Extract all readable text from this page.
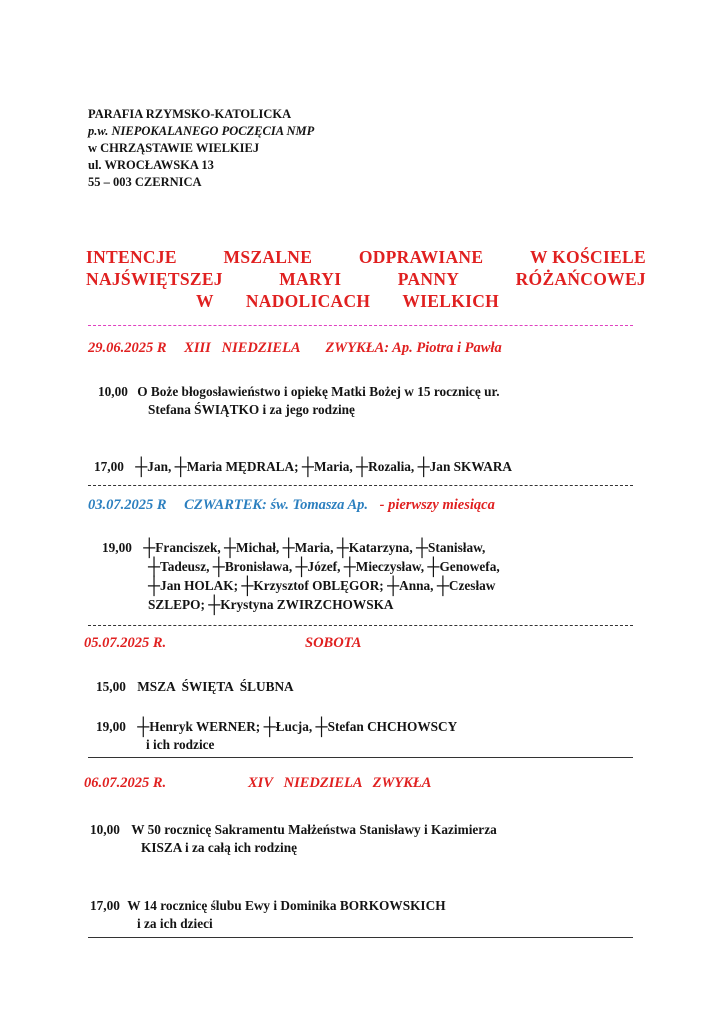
PARAFIA RZYMSKO-KATOLICKA
p.w. NIEPOKALANEGO POCZĘCIA NMP
w CHRZĄSTAWIE WIELKIEJ
ul. WROCŁAWSKA 13
55 – 003 CZERNICA
INTENCJE	MSZALNE	ODPRAWIANE	W KOŚCIELE
NAJŚWIĘTSZEJ	MARYI	PANNY	RÓŻAŃCOWEJ
W NADOLICACH WIELKICH
29.06.2025 R XIII   NIEDZIELA ZWYKŁA: Ap. Piotra i Pawła
10,00 O Boże błogosławieństwo i opiekę Matki Bożej w 15 rocznicę ur.
Stefana ŚWIĄTKO i za jego rodzinę
17,00 ┼Jan, ┼Maria MĘDRALA; ┼Maria, ┼Rozalia, ┼Jan SKWARA
03.07.2025 R CZWARTEK: św. Tomasza Ap. - pierwszy miesiąca
19,00 ┼Franciszek, ┼Michał, ┼Maria, ┼Katarzyna, ┼Stanisław,
┼Tadeusz, ┼Bronisława, ┼Józef, ┼Mieczysław, ┼Genowefa,
┼Jan HOLAK; ┼Krzysztof OBLĘGOR; ┼Anna, ┼Czesław
SZLEPO; ┼Krystyna ZWIRZCHOWSKA
05.07.2025 R.	SOBOTA
15,00 MSZA  ŚWIĘTA  ŚLUBNA
19,00 ┼Henryk WERNER; ┼Łucja, ┼Stefan CHCHOWSCY
i ich rodzice
06.07.2025 R.	XIV   NIEDZIELA   ZWYKŁA
10,00 W 50 rocznicę Sakramentu Małżeństwa Stanisławy i Kazimierza
KISZA i za całą ich rodzinę
17,00 W 14 rocznicę ślubu Ewy i Dominika BORKOWSKICH
i za ich dzieci
